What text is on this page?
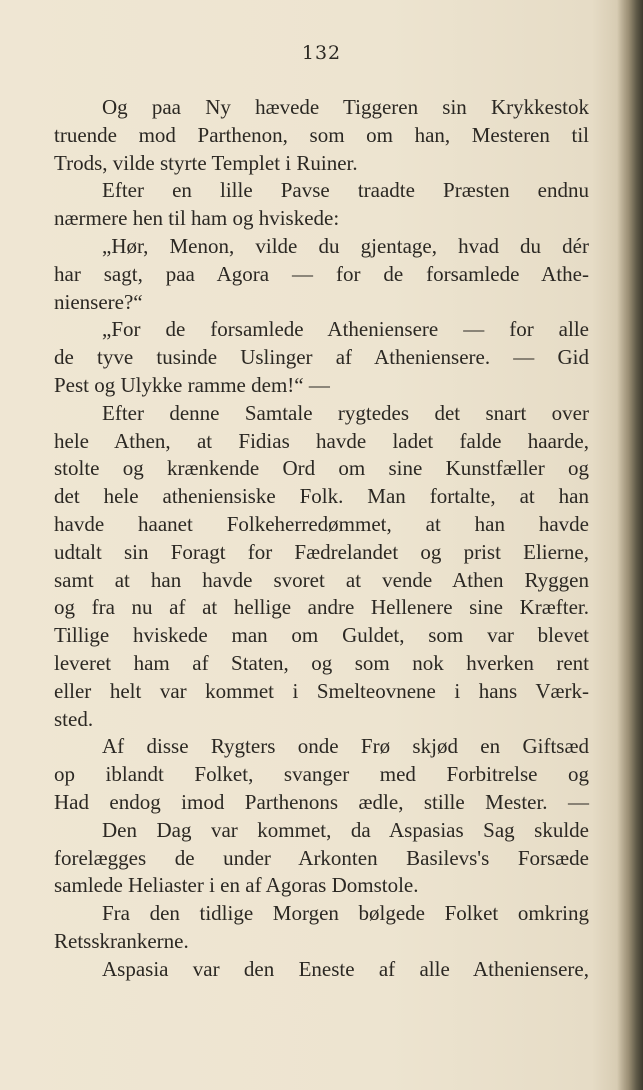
132
Og paa Ny hævede Tiggeren sin Krykkestok
truende mod Parthenon, som om han, Mesteren til
Trods, vilde styrte Templet i Ruiner.
Efter en lille Pavse traadte Præsten endnu
nærmere hen til ham og hviskede:
„Hør, Menon, vilde du gjentage, hvad du dér
har sagt, paa Agora — for de forsamlede Athe-
nienserе?“
„For de forsamlede Atheniensere — for alle
de tyve tusinde Uslinger af Atheniensere. — Gid
Pest og Ulykke ramme dem!“ —
Efter denne Samtale rygtedes det snart over
hele Athen, at Fidias havde ladet falde haarde,
stolte og krænkende Ord om sine Kunstfæller og
det hele atheniensiske Folk. Man fortalte, at han
havde haanet Folkeherredømmet, at han havde
udtalt sin Foragt for Fædrelandet og prist Elierne,
samt at han havde svoret at vende Athen Ryggen
og fra nu af at hellige andre Hellenere sine Kræfter.
Tillige hviskede man om Guldet, som var blevet
leveret ham af Staten, og som nok hverken rent
eller helt var kommet i Smelteovnene i hans Værk-
sted.
Af disse Rygters onde Frø skjød en Giftsæd
op iblandt Folket, svanger med Forbitrelse og
Had endog imod Parthenons ædle, stille Mester. —
Den Dag var kommet, da Aspasias Sag skulde
forelægges de under Arkonten Basilevs's Forsæde
samlede Heliaster i en af Agoras Domstole.
Fra den tidlige Morgen bølgede Folket omkring
Retsskrankerne.
Aspasia var den Eneste af alle Atheniensere,
